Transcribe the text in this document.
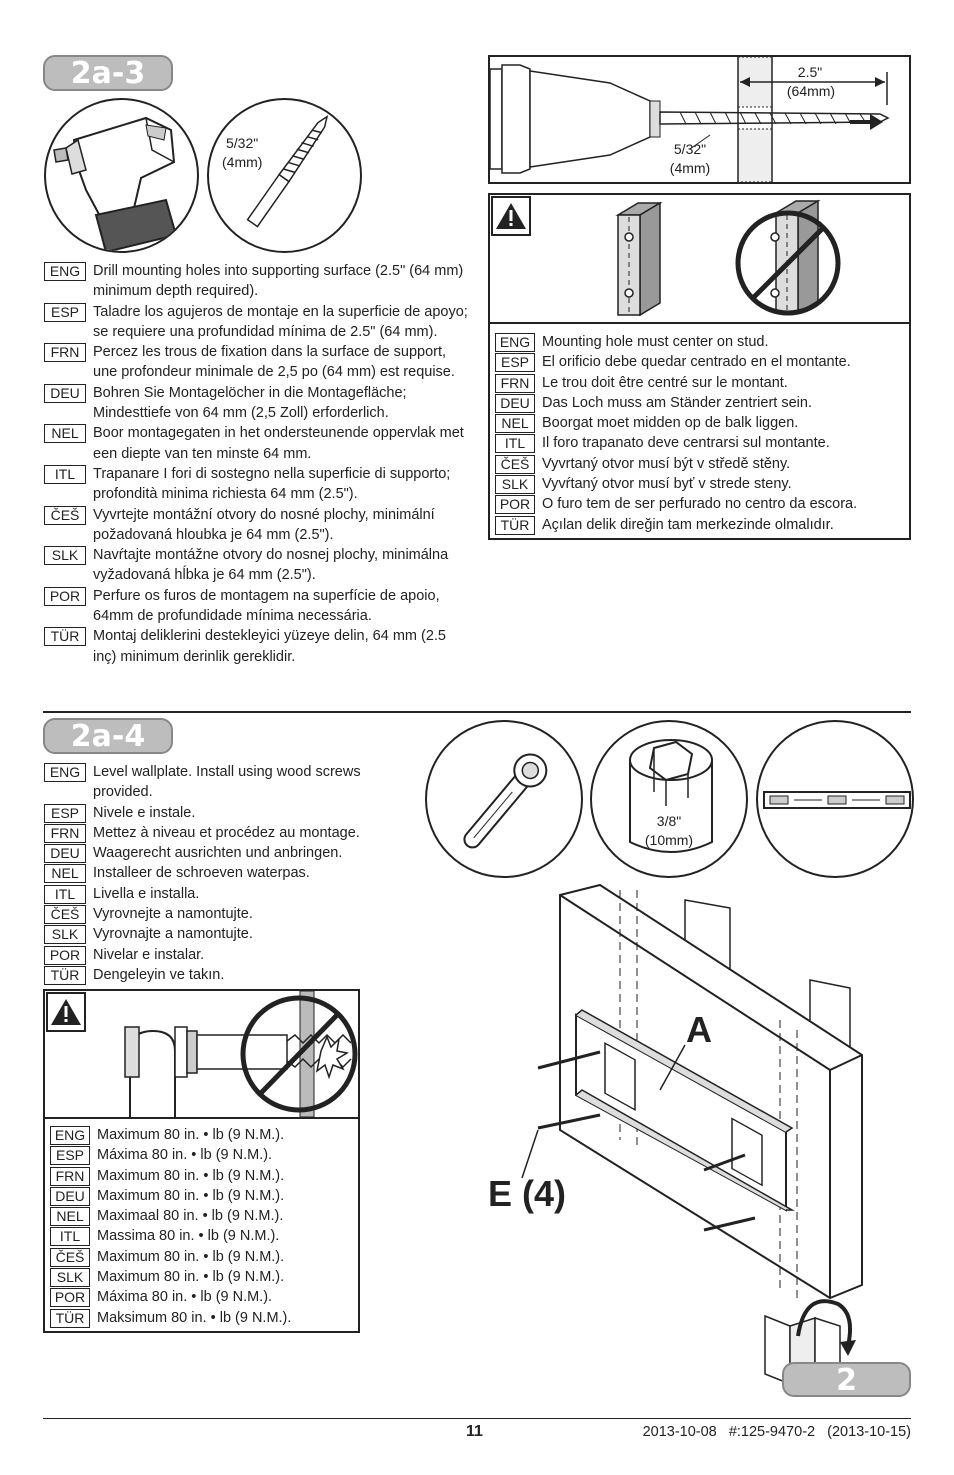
2a-3
5/32"
(4mm)
ENG Drill mounting holes into supporting surface (2.5" (64 mm) minimum depth required).
ESP Taladre los agujeros de montaje en la superficie de apoyo; se requiere una profundidad mínima de 2.5" (64 mm).
FRN Percez les trous de fixation dans la surface de support, une profondeur minimale de 2,5 po (64 mm) est requise.
DEU Bohren Sie Montagelöcher in die Montagefläche; Mindesttiefe von 64 mm (2,5 Zoll) erforderlich.
NEL Boor montagegaten in het ondersteunende oppervlak met een diepte van ten minste 64 mm.
ITL	Trapanare I fori di sostegno nella superficie di supporto; profondità minima richiesta 64 mm (2.5").
ČEŠ Vyvrtejte montážní otvory do nosné plochy, minimální požadovaná hloubka je 64 mm (2.5").
SLK	Navŕtajte montážne otvory do nosnej plochy, minimálna vyžadovaná hĺbka je 64 mm (2.5").
POR Perfure os furos de montagem na superfície de apoio, 64mm de profundidade mínima necessária.
TÜR Montaj deliklerini destekleyici yüzeye delin, 64 mm (2.5 inç) minimum derinlik gereklidir.
2.5"
(64mm)
5/32"
(4mm)
ENG Mounting hole must center on stud.
ESP El orificio debe quedar centrado en el montante.
FRN Le trou doit être centré sur le montant.
DEU Das Loch muss am Ständer zentriert sein.
NEL Boorgat moet midden op de balk liggen.
ITL	Il foro trapanato deve centrarsi sul montante.
ČEŠ Vyvrtaný otvor musí být v středě stěny.
SLK Vyvŕtaný otvor musí byť v strede steny.
POR O furo tem de ser perfurado no centro da escora.
TÜR Açılan delik direğin tam merkezinde olmalıdır.
2a-4
ENG Level wallplate. Install using wood screws provided.
ESP Nivele e instale.
FRN Mettez à niveau et procédez au montage.
DEU Waagerecht ausrichten und anbringen.
NEL Installeer de schroeven waterpas.
ITL	Livella e installa.
ČEŠ Vyrovnejte a namontujte.
SLK	Vyrovnajte a namontujte.
POR Nivelar e instalar.
TÜR Dengeleyin ve takın.
3/8"
(10mm)
ENG Maximum 80 in. • lb (9 N.M.).
ESP Máxima 80 in. • lb (9 N.M.).
FRN Maximum 80 in. • lb (9 N.M.).
DEU Maximum 80 in. • lb (9 N.M.).
NEL Maximaal 80 in. • lb (9 N.M.).
ITL	Massima 80 in. • lb (9 N.M.).
ČEŠ Maximum 80 in. • lb (9 N.M.).
SLK Maximum 80 in. • lb (9 N.M.).
POR Máxima 80 in. • lb (9 N.M.).
TÜR Maksimum 80 in. • lb (9 N.M.).
A
E (4)
2
11	2013-10-08   #:125-9470-2   (2013-10-15)
